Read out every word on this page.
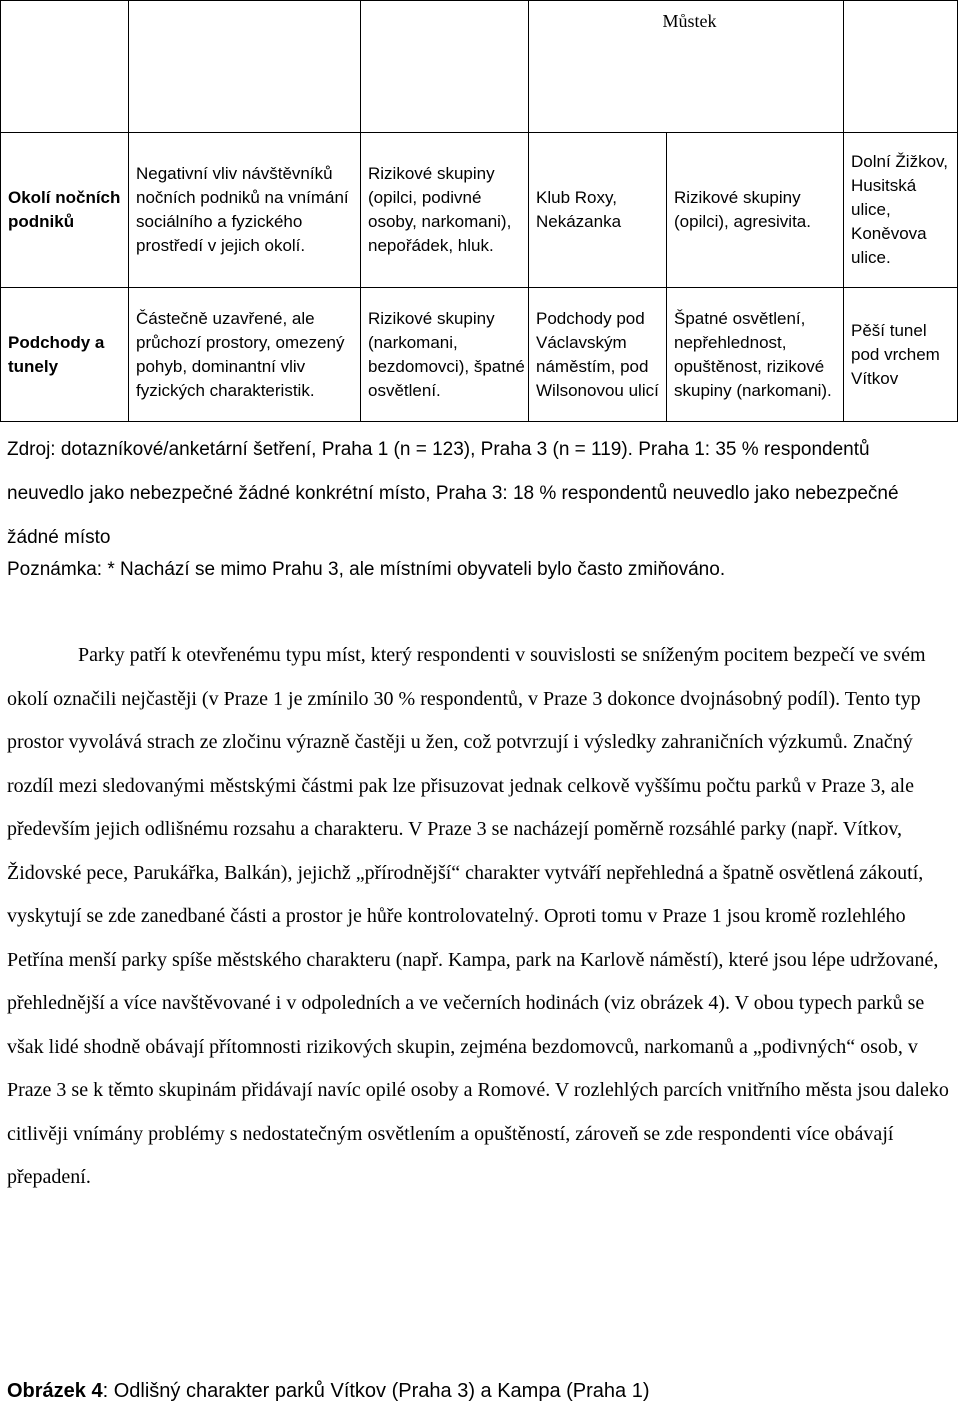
			Můstek		
Okolí nočních podniků	Negativní vliv návštěvníků nočních podniků na vnímání sociálního a fyzického prostředí v jejich okolí.	Rizikové skupiny (opilci, podivné osoby, narkomani), nepořádek, hluk.	Klub Roxy, Nekázanka	Rizikové skupiny (opilci), agresivita.	Dolní Žižkov, Husitská ulice, Koněvova ulice.
Podchody a tunely	Částečně uzavřené, ale průchozí prostory, omezený pohyb, dominantní vliv fyzických charakteristik.	Rizikové skupiny (narkomani, bezdomovci), špatné osvětlení.	Podchody pod Václavským náměstím, pod Wilsonovou ulicí	Špatné osvětlení, nepřehlednost, opuštěnost, rizikové skupiny (narkomani).	Pěší tunel pod vrchem Vítkov

Zdroj: dotazníkové/anketární šetření, Praha 1 (n = 123), Praha 3 (n = 119). Praha 1: 35 % respondentů neuvedlo jako nebezpečné žádné konkrétní místo, Praha 3: 18 % respondentů neuvedlo jako nebezpečné žádné místo

Poznámka: * Nachází se mimo Prahu 3, ale místními obyvateli bylo často zmiňováno.

Parky patří k otevřenému typu míst, který respondenti v souvislosti se sníženým pocitem bezpečí ve svém okolí označili nejčastěji (v Praze 1 je zmínilo 30 % respondentů, v Praze 3 dokonce dvojnásobný podíl). Tento typ prostor vyvolává strach ze zločinu výrazně častěji u žen, což potvrzují i výsledky zahraničních výzkumů. Značný rozdíl mezi sledovanými městskými částmi pak lze přisuzovat jednak celkově vyššímu počtu parků v Praze 3, ale především jejich odlišnému rozsahu a charakteru. V Praze 3 se nacházejí poměrně rozsáhlé parky (např. Vítkov, Židovské pece, Parukářka, Balkán), jejichž „přírodnější“ charakter vytváří nepřehledná a špatně osvětlená zákoutí, vyskytují se zde zanedbané části a prostor je hůře kontrolovatelný. Oproti tomu v Praze 1 jsou kromě rozlehlého Petřína menší parky spíše městského charakteru (např. Kampa, park na Karlově náměstí), které jsou lépe udržované, přehlednější a více navštěvované i v odpoledních a ve večerních hodinách (viz obrázek 4). V obou typech parků se však lidé shodně obávají přítomnosti rizikových skupin, zejména bezdomovců, narkomanů a „podivných“ osob, v Praze 3 se k těmto skupinám přidávají navíc opilé osoby a Romové. V rozlehlých parcích vnitřního města jsou daleko citlivěji vnímány problémy s nedostatečným osvětlením a opuštěností, zároveň se zde respondenti více obávají přepadení.

Obrázek 4: Odlišný charakter parků Vítkov (Praha 3) a Kampa (Praha 1)
